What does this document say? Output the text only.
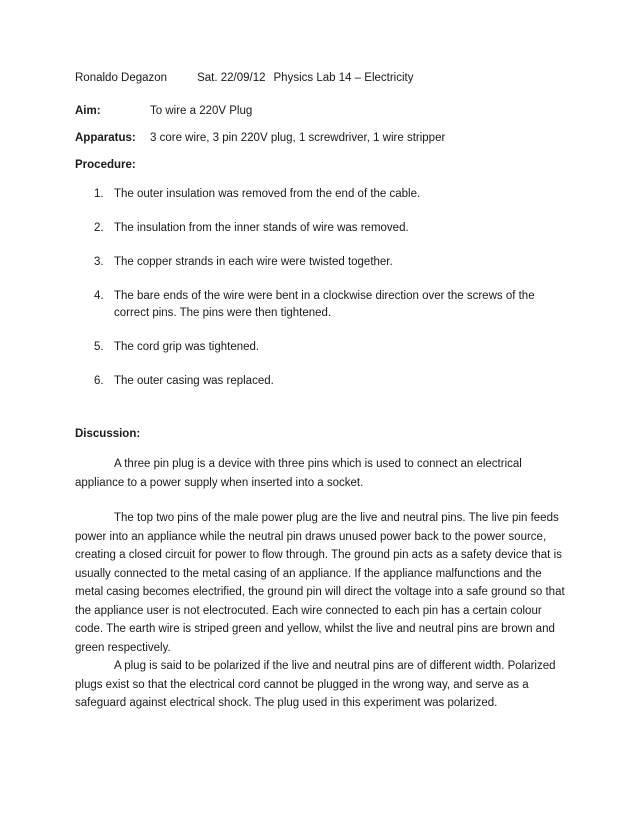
Ronaldo Degazon	Sat. 22/09/12 Physics Lab 14 – Electricity
Aim:	To wire a 220V Plug
Apparatus: 3 core wire, 3 pin 220V plug, 1 screwdriver, 1 wire stripper
Procedure:
1. The outer insulation was removed from the end of the cable.
2. The insulation from the inner stands of wire was removed.
3. The copper strands in each wire were twisted together.
4. The bare ends of the wire were bent in a clockwise direction over the screws of the correct pins. The pins were then tightened.
5. The cord grip was tightened.
6. The outer casing was replaced.
Discussion:

A three pin plug is a device with three pins which is used to connect an electrical appliance to a power supply when inserted into a socket.

The top two pins of the male power plug are the live and neutral pins. The live pin feeds power into an appliance while the neutral pin draws unused power back to the power source, creating a closed circuit for power to flow through. The ground pin acts as a safety device that is usually connected to the metal casing of an appliance. If the appliance malfunctions and the metal casing becomes electrified, the ground pin will direct the voltage into a safe ground so that the appliance user is not electrocuted. Each wire connected to each pin has a certain colour code. The earth wire is striped green and yellow, whilst the live and neutral pins are brown and green respectively.

A plug is said to be polarized if the live and neutral pins are of different width. Polarized plugs exist so that the electrical cord cannot be plugged in the wrong way, and serve as a safeguard against electrical shock. The plug used in this experiment was polarized.
